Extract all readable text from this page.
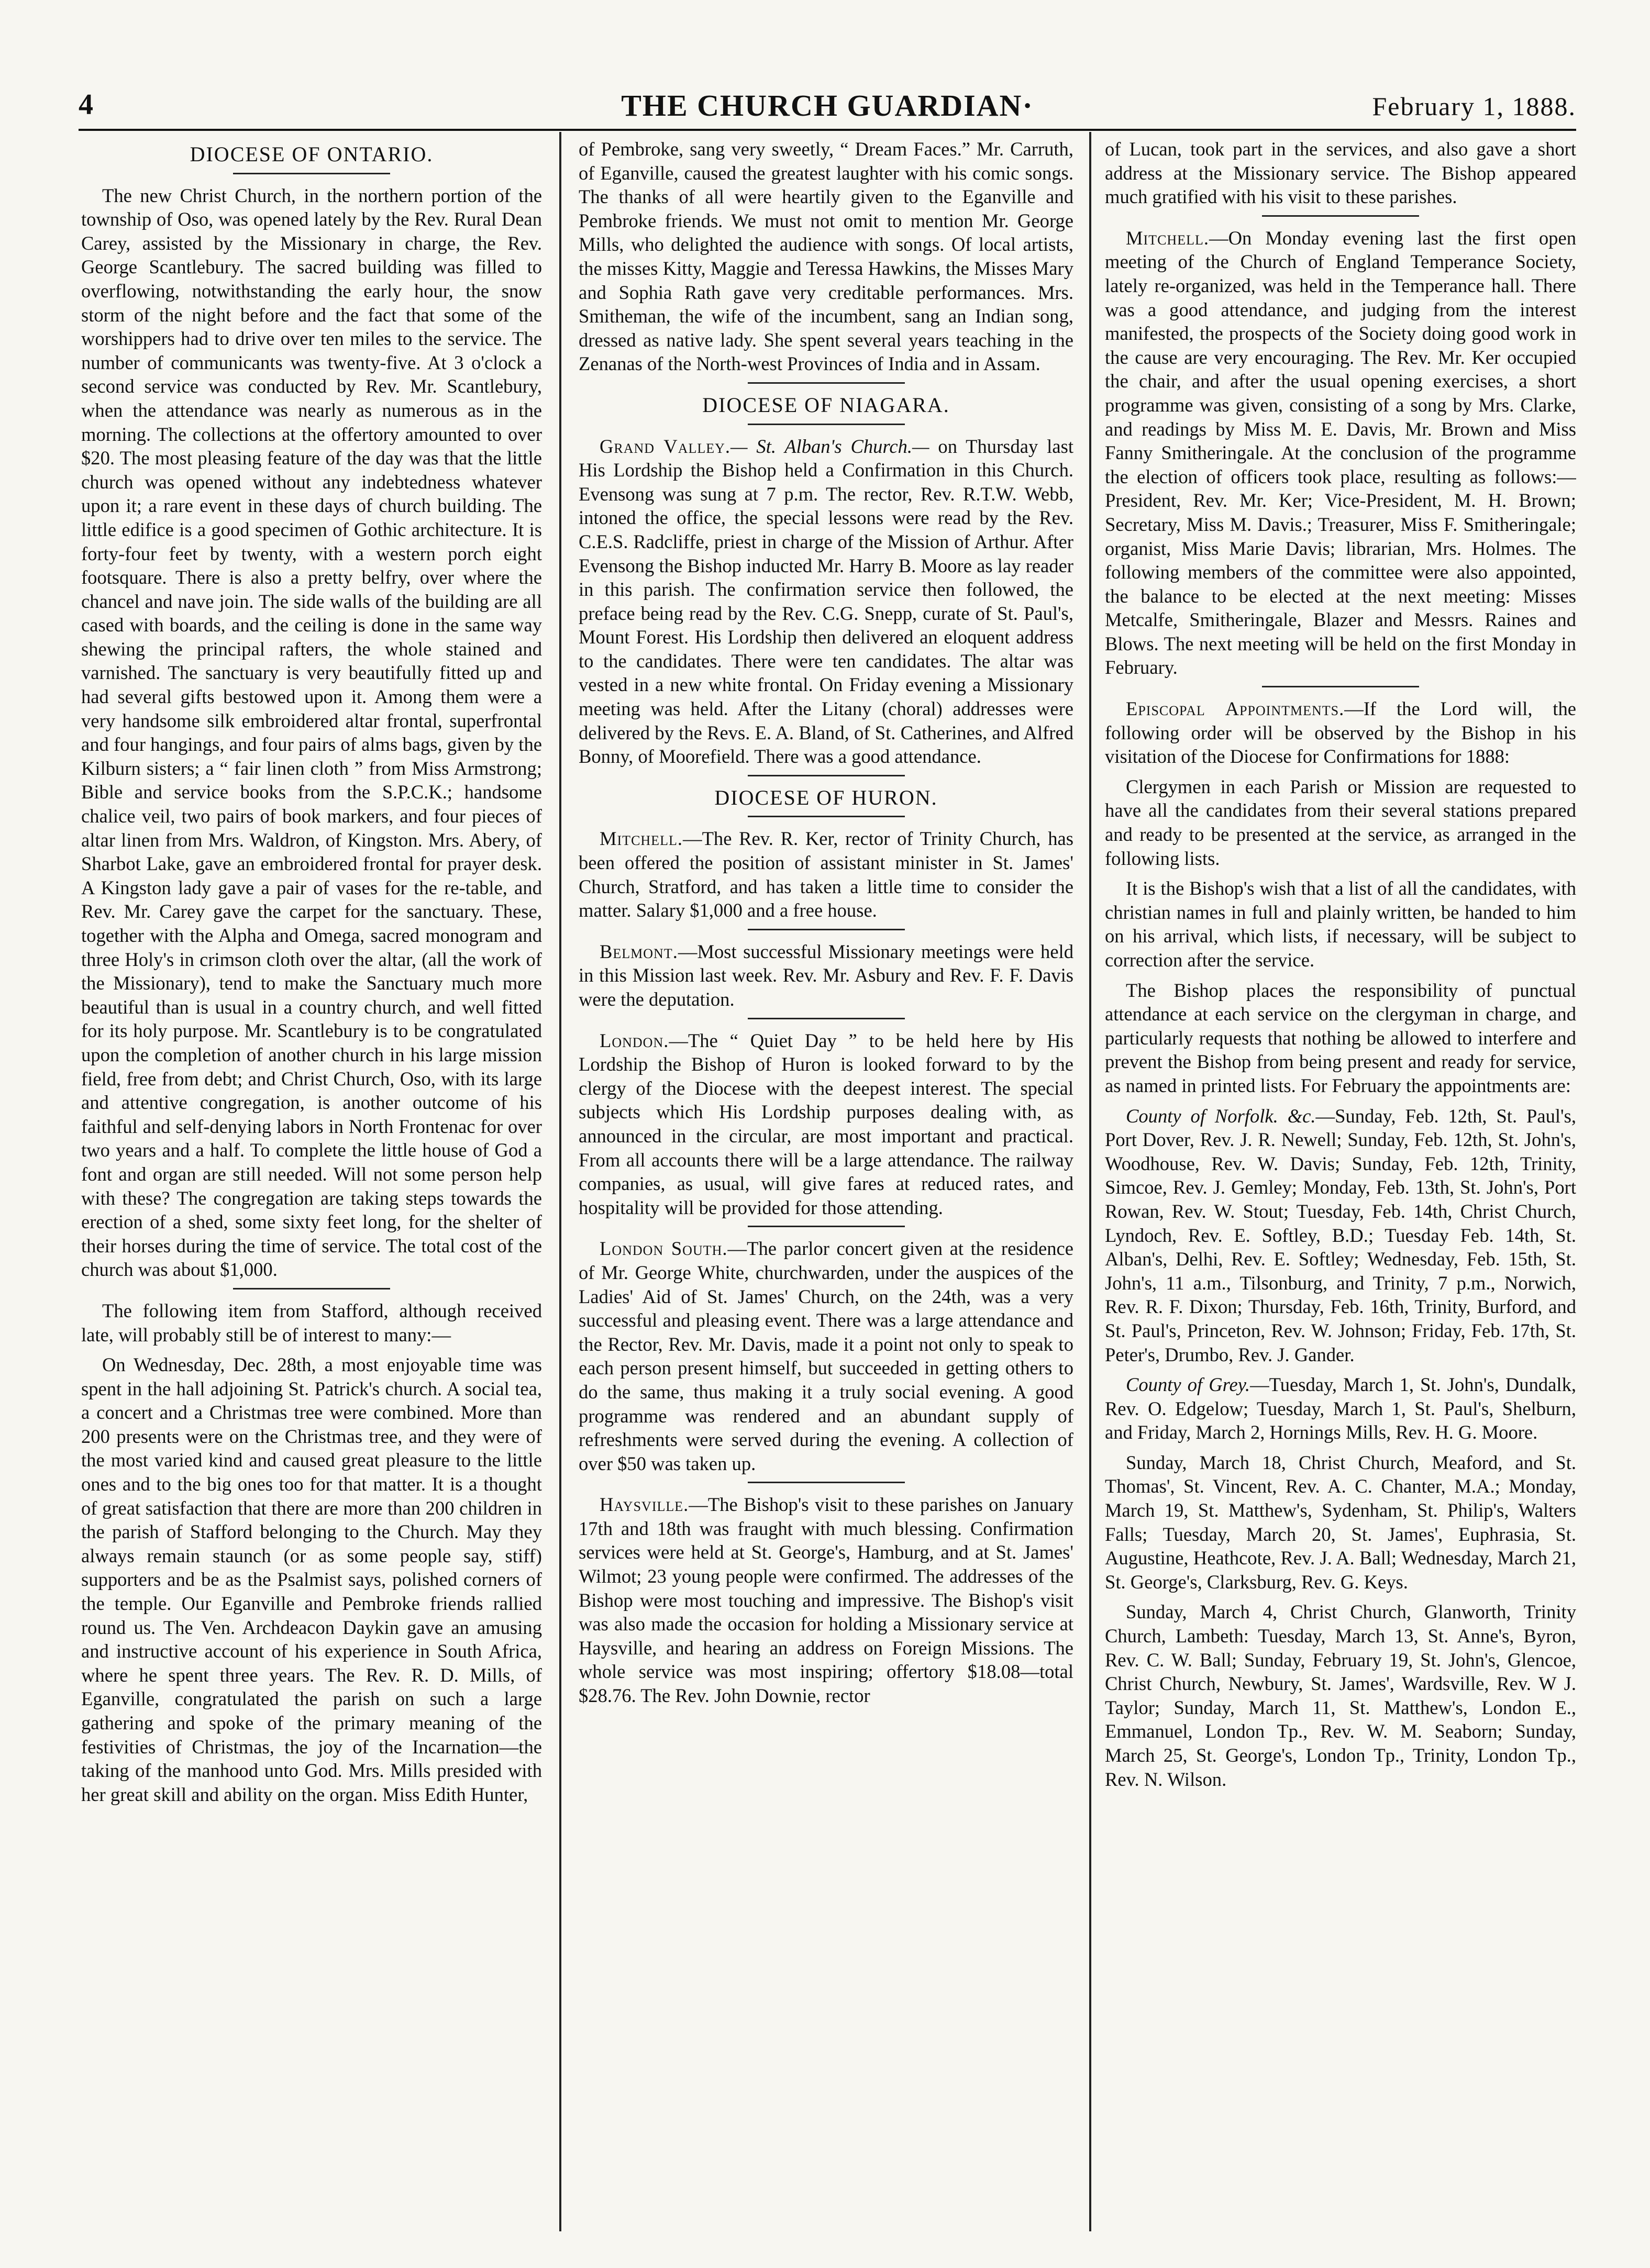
4	THE CHURCH GUARDIAN·	February 1, 1888.
DIOCESE OF ONTARIO.

The new Christ Church, in the northern portion of the township of Oso, was opened lately by the Rev. Rural Dean Carey, assisted by the Missionary in charge, the Rev. George Scantlebury. The sacred building was filled to overflowing, notwithstanding the early hour, the snow storm of the night before and the fact that some of the worshippers had to drive over ten miles to the service. The number of communicants was twenty-five. At 3 o'clock a second service was conducted by Rev. Mr. Scantlebury, when the attendance was nearly as numerous as in the morning. The collections at the offertory amounted to over $20. The most pleasing feature of the day was that the little church was opened without any indebtedness whatever upon it; a rare event in these days of church building. The little edifice is a good specimen of Gothic architecture. It is forty-four feet by twenty, with a western porch eight footsquare. There is also a pretty belfry, over where the chancel and nave join. The side walls of the building are all cased with boards, and the ceiling is done in the same way shewing the principal rafters, the whole stained and varnished. The sanctuary is very beautifully fitted up and had several gifts bestowed upon it. Among them were a very handsome silk embroidered altar frontal, superfrontal and four hangings, and four pairs of alms bags, given by the Kilburn sisters; a “ fair linen cloth ” from Miss Armstrong; Bible and service books from the S.P.C.K.; handsome chalice veil, two pairs of book markers, and four pieces of altar linen from Mrs. Waldron, of Kingston. Mrs. Abery, of Sharbot Lake, gave an embroidered frontal for prayer desk. A Kingston lady gave a pair of vases for the re-table, and Rev. Mr. Carey gave the carpet for the sanctuary. These, together with the Alpha and Omega, sacred monogram and three Holy's in crimson cloth over the altar, (all the work of the Missionary), tend to make the Sanctuary much more beautiful than is usual in a country church, and well fitted for its holy purpose. Mr. Scantlebury is to be congratulated upon the completion of another church in his large mission field, free from debt; and Christ Church, Oso, with its large and attentive congregation, is another outcome of his faithful and self-denying labors in North Frontenac for over two years and a half. To complete the little house of God a font and organ are still needed. Will not some person help with these? The congregation are taking steps towards the erection of a shed, some sixty feet long, for the shelter of their horses during the time of service. The total cost of the church was about $1,000.

The following item from Stafford, although received late, will probably still be of interest to many:—

On Wednesday, Dec. 28th, a most enjoyable time was spent in the hall adjoining St. Patrick's church. A social tea, a concert and a Christmas tree were combined. More than 200 presents were on the Christmas tree, and they were of the most varied kind and caused great pleasure to the little ones and to the big ones too for that matter. It is a thought of great satisfaction that there are more than 200 children in the parish of Stafford belonging to the Church. May they always remain staunch (or as some people say, stiff) supporters and be as the Psalmist says, polished corners of the temple. Our Eganville and Pembroke friends rallied round us. The Ven. Archdeacon Daykin gave an amusing and instructive account of his experience in South Africa, where he spent three years. The Rev. R. D. Mills, of Eganville, congratulated the parish on such a large gathering and spoke of the primary meaning of the festivities of Christmas, the joy of the Incarnation—the taking of the manhood unto God. Mrs. Mills presided with her great skill and ability on the organ. Miss Edith Hunter,

of Pembroke, sang very sweetly, “ Dream Faces.” Mr. Carruth, of Eganville, caused the greatest laughter with his comic songs. The thanks of all were heartily given to the Eganville and Pembroke friends. We must not omit to mention Mr. George Mills, who delighted the audience with songs. Of local artists, the misses Kitty, Maggie and Teressa Hawkins, the Misses Mary and Sophia Rath gave very creditable performances. Mrs. Smitheman, the wife of the incumbent, sang an Indian song, dressed as native lady. She spent several years teaching in the Zenanas of the North-west Provinces of India and in Assam.

DIOCESE OF NIAGARA.

Grand Valley.— St. Alban's Church.— on Thursday last His Lordship the Bishop held a Confirmation in this Church. Evensong was sung at 7 p.m. The rector, Rev. R.T.W. Webb, intoned the office, the special lessons were read by the Rev. C.E.S. Radcliffe, priest in charge of the Mission of Arthur. After Evensong the Bishop inducted Mr. Harry B. Moore as lay reader in this parish. The confirmation service then followed, the preface being read by the Rev. C.G. Snepp, curate of St. Paul's, Mount Forest. His Lordship then delivered an eloquent address to the candidates. There were ten candidates. The altar was vested in a new white frontal. On Friday evening a Missionary meeting was held. After the Litany (choral) addresses were delivered by the Revs. E. A. Bland, of St. Catherines, and Alfred Bonny, of Moorefield. There was a good attendance.

DIOCESE OF HURON.

Mitchell.—The Rev. R. Ker, rector of Trinity Church, has been offered the position of assistant minister in St. James' Church, Stratford, and has taken a little time to consider the matter. Salary $1,000 and a free house.

Belmont.—Most successful Missionary meetings were held in this Mission last week. Rev. Mr. Asbury and Rev. F. F. Davis were the deputation.

London.—The “ Quiet Day ” to be held here by His Lordship the Bishop of Huron is looked forward to by the clergy of the Diocese with the deepest interest. The special subjects which His Lordship purposes dealing with, as announced in the circular, are most important and practical. From all accounts there will be a large attendance. The railway companies, as usual, will give fares at reduced rates, and hospitality will be provided for those attending.

London South.—The parlor concert given at the residence of Mr. George White, churchwarden, under the auspices of the Ladies' Aid of St. James' Church, on the 24th, was a very successful and pleasing event. There was a large attendance and the Rector, Rev. Mr. Davis, made it a point not only to speak to each person present himself, but succeeded in getting others to do the same, thus making it a truly social evening. A good programme was rendered and an abundant supply of refreshments were served during the evening. A collection of over $50 was taken up.

Haysville.—The Bishop's visit to these parishes on January 17th and 18th was fraught with much blessing. Confirmation services were held at St. George's, Hamburg, and at St. James' Wilmot; 23 young people were confirmed. The addresses of the Bishop were most touching and impressive. The Bishop's visit was also made the occasion for holding a Missionary service at Haysville, and hearing an address on Foreign Missions. The whole service was most inspiring; offertory $18.08—total $28.76. The Rev. John Downie, rector

of Lucan, took part in the services, and also gave a short address at the Missionary service. The Bishop appeared much gratified with his visit to these parishes.

Mitchell.—On Monday evening last the first open meeting of the Church of England Temperance Society, lately re-organized, was held in the Temperance hall. There was a good attendance, and judging from the interest manifested, the prospects of the Society doing good work in the cause are very encouraging. The Rev. Mr. Ker occupied the chair, and after the usual opening exercises, a short programme was given, consisting of a song by Mrs. Clarke, and readings by Miss M. E. Davis, Mr. Brown and Miss Fanny Smitheringale. At the conclusion of the programme the election of officers took place, resulting as follows:—President, Rev. Mr. Ker; Vice-President, M. H. Brown; Secretary, Miss M. Davis.; Treasurer, Miss F. Smitheringale; organist, Miss Marie Davis; librarian, Mrs. Holmes. The following members of the committee were also appointed, the balance to be elected at the next meeting: Misses Metcalfe, Smitheringale, Blazer and Messrs. Raines and Blows. The next meeting will be held on the first Monday in February.

Episcopal Appointments.—If the Lord will, the following order will be observed by the Bishop in his visitation of the Diocese for Confirmations for 1888:

Clergymen in each Parish or Mission are requested to have all the candidates from their several stations prepared and ready to be presented at the service, as arranged in the following lists.

It is the Bishop's wish that a list of all the candidates, with christian names in full and plainly written, be handed to him on his arrival, which lists, if necessary, will be subject to correction after the service.

The Bishop places the responsibility of punctual attendance at each service on the clergyman in charge, and particularly requests that nothing be allowed to interfere and prevent the Bishop from being present and ready for service, as named in printed lists. For February the appointments are:

County of Norfolk. &c.—Sunday, Feb. 12th, St. Paul's, Port Dover, Rev. J. R. Newell; Sunday, Feb. 12th, St. John's, Woodhouse, Rev. W. Davis; Sunday, Feb. 12th, Trinity, Simcoe, Rev. J. Gemley; Monday, Feb. 13th, St. John's, Port Rowan, Rev. W. Stout; Tuesday, Feb. 14th, Christ Church, Lyndoch, Rev. E. Softley, B.D.; Tuesday Feb. 14th, St. Alban's, Delhi, Rev. E. Softley; Wednesday, Feb. 15th, St. John's, 11 a.m., Tilsonburg, and Trinity, 7 p.m., Norwich, Rev. R. F. Dixon; Thursday, Feb. 16th, Trinity, Burford, and St. Paul's, Princeton, Rev. W. Johnson; Friday, Feb. 17th, St. Peter's, Drumbo, Rev. J. Gander.

County of Grey.—Tuesday, March 1, St. John's, Dundalk, Rev. O. Edgelow; Tuesday, March 1, St. Paul's, Shelburn, and Friday, March 2, Hornings Mills, Rev. H. G. Moore.

Sunday, March 18, Christ Church, Meaford, and St. Thomas', St. Vincent, Rev. A. C. Chanter, M.A.; Monday, March 19, St. Matthew's, Sydenham, St. Philip's, Walters Falls; Tuesday, March 20, St. James', Euphrasia, St. Augustine, Heathcote, Rev. J. A. Ball; Wednesday, March 21, St. George's, Clarksburg, Rev. G. Keys.

Sunday, March 4, Christ Church, Glanworth, Trinity Church, Lambeth: Tuesday, March 13, St. Anne's, Byron, Rev. C. W. Ball; Sunday, February 19, St. John's, Glencoe, Christ Church, Newbury, St. James', Wardsville, Rev. W J. Taylor; Sunday, March 11, St. Matthew's, London E., Emmanuel, London Tp., Rev. W. M. Seaborn; Sunday, March 25, St. George's, London Tp., Trinity, London Tp., Rev. N. Wilson.
